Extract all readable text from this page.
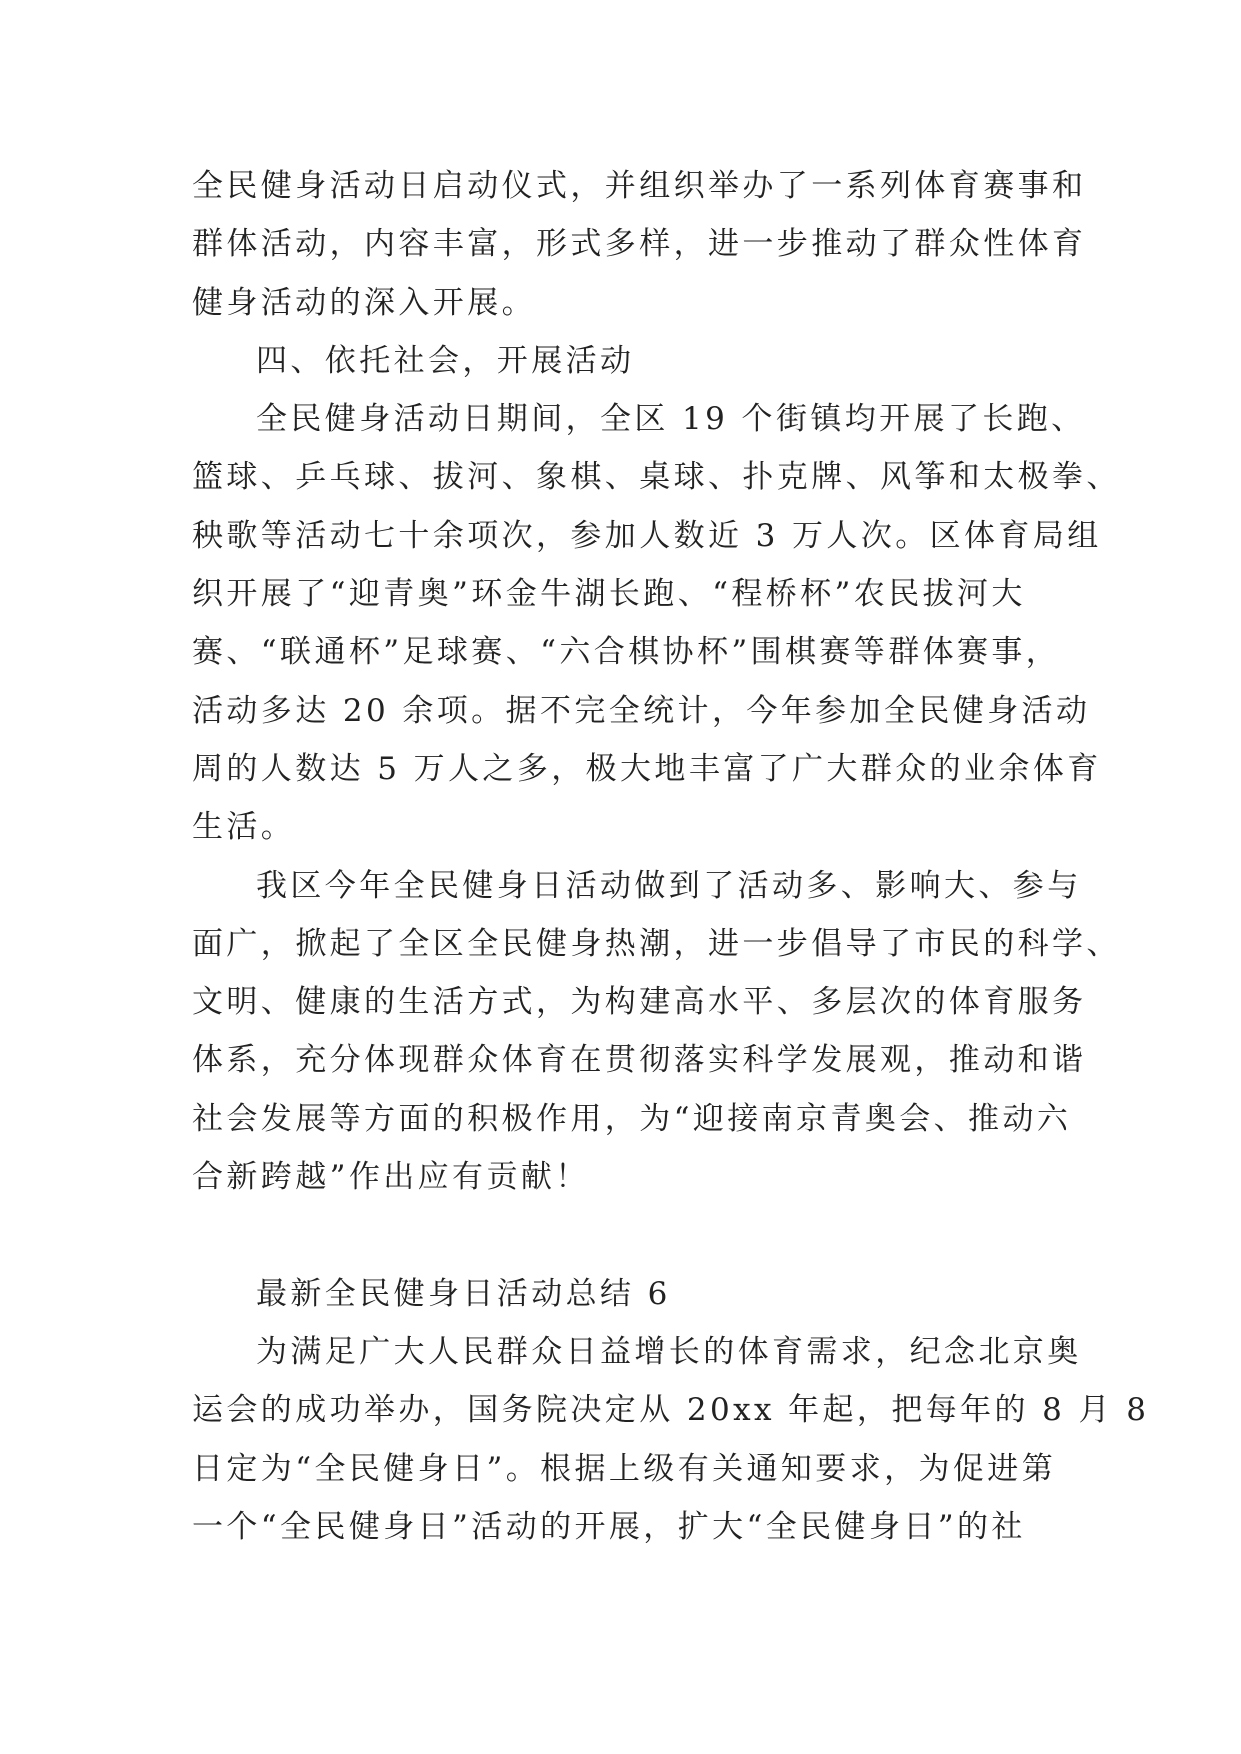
全民健身活动日启动仪式，并组织举办了一系列体育赛事和
群体活动，内容丰富，形式多样，进一步推动了群众性体育
健身活动的深入开展。
四、依托社会，开展活动
全民健身活动日期间，全区 19 个街镇均开展了长跑、
篮球、乒乓球、拔河、象棋、桌球、扑克牌、风筝和太极拳、
秧歌等活动七十余项次，参加人数近 3 万人次。区体育局组
织开展了“迎青奥”环金牛湖长跑、“程桥杯”农民拔河大
赛、“联通杯”足球赛、“六合棋协杯”围棋赛等群体赛事，
活动多达 20 余项。据不完全统计，今年参加全民健身活动
周的人数达 5 万人之多，极大地丰富了广大群众的业余体育
生活。
我区今年全民健身日活动做到了活动多、影响大、参与
面广，掀起了全区全民健身热潮，进一步倡导了市民的科学、
文明、健康的生活方式，为构建高水平、多层次的体育服务
体系，充分体现群众体育在贯彻落实科学发展观，推动和谐
社会发展等方面的积极作用，为“迎接南京青奥会、推动六
合新跨越”作出应有贡献！
最新全民健身日活动总结 6
为满足广大人民群众日益增长的体育需求，纪念北京奥
运会的成功举办，国务院决定从 20xx 年起，把每年的 8 月 8
日定为“全民健身日”。根据上级有关通知要求，为促进第
一个“全民健身日”活动的开展，扩大“全民健身日”的社
